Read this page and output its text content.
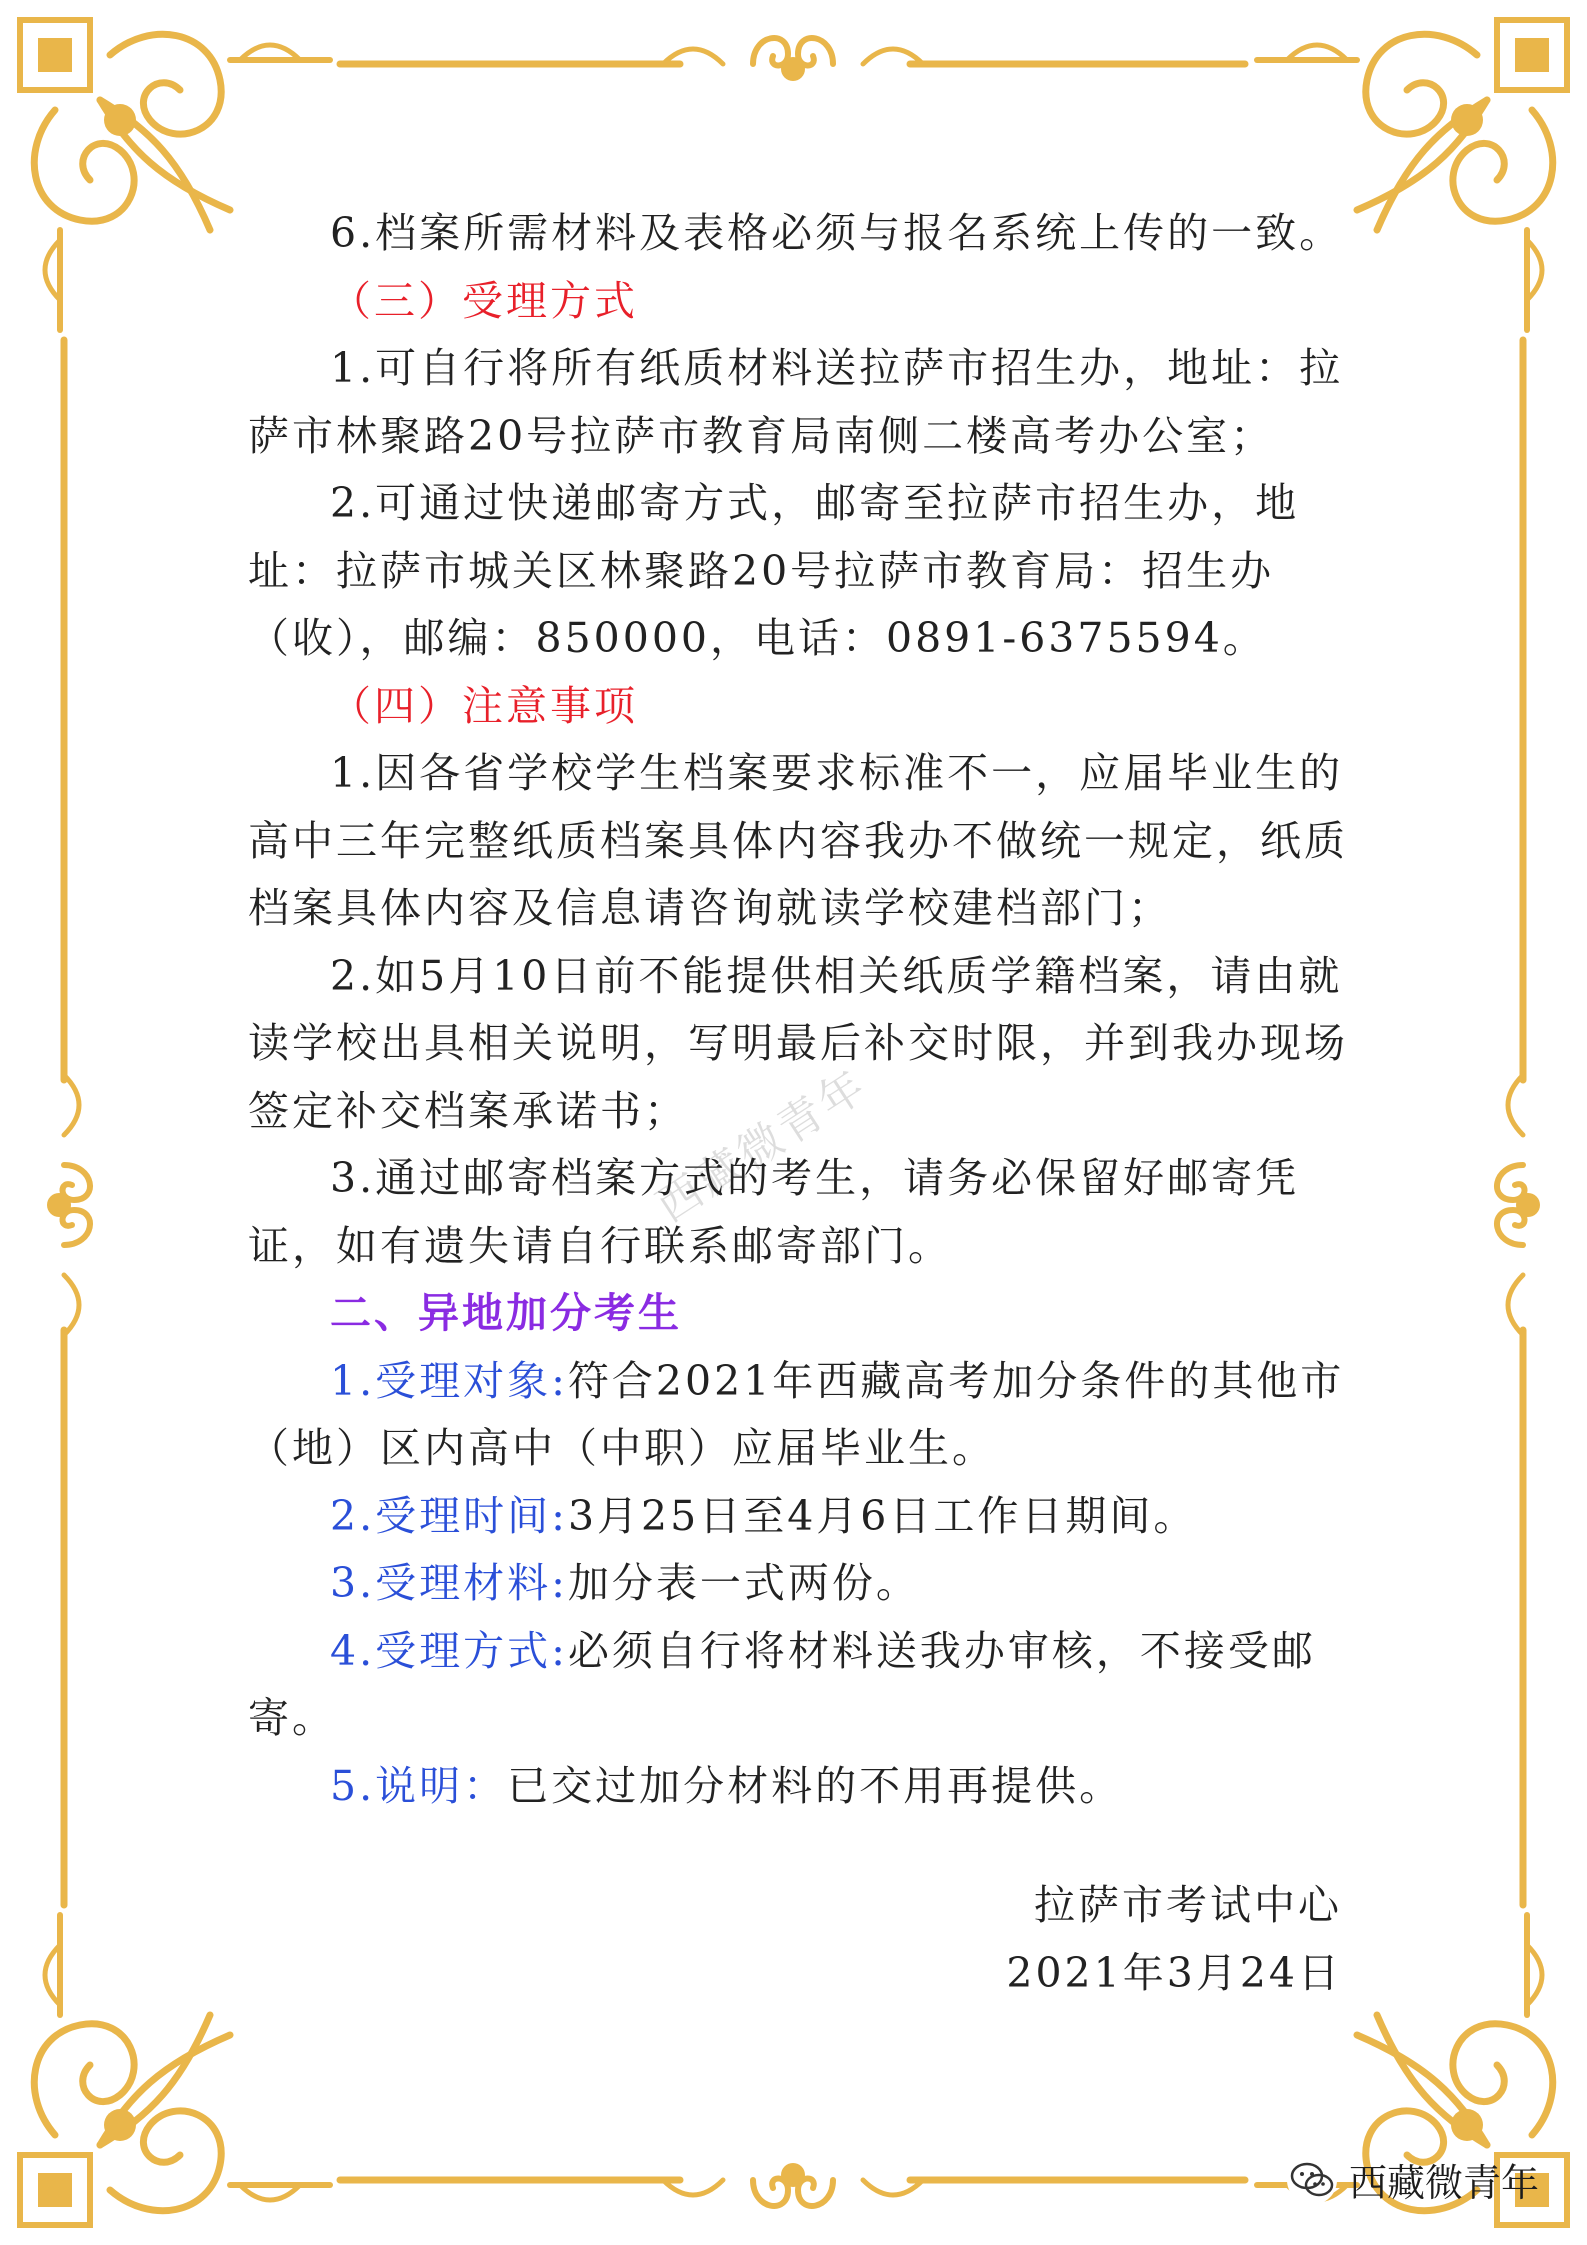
西藏微青年

6.档案所需材料及表格必须与报名系统上传的一致。

（三）受理方式

1.可自行将所有纸质材料送拉萨市招生办，地址：拉萨市林聚路20号拉萨市教育局南侧二楼高考办公室；

2.可通过快递邮寄方式，邮寄至拉萨市招生办，地址：拉萨市城关区林聚路20号拉萨市教育局：招生办（收），邮编：850000，电话：0891-6375594。

（四）注意事项

1.因各省学校学生档案要求标准不一，应届毕业生的高中三年完整纸质档案具体内容我办不做统一规定，纸质档案具体内容及信息请咨询就读学校建档部门；

2.如5月10日前不能提供相关纸质学籍档案，请由就读学校出具相关说明，写明最后补交时限，并到我办现场签定补交档案承诺书；

3.通过邮寄档案方式的考生，请务必保留好邮寄凭证，如有遗失请自行联系邮寄部门。

二、异地加分考生

1.受理对象:符合2021年西藏高考加分条件的其他市（地）区内高中（中职）应届毕业生。

2.受理时间:3月25日至4月6日工作日期间。

3.受理材料:加分表一式两份。

4.受理方式:必须自行将材料送我办审核，不接受邮寄。

5.说明：已交过加分材料的不用再提供。

拉萨市考试中心

2021年3月24日

西藏微青年
